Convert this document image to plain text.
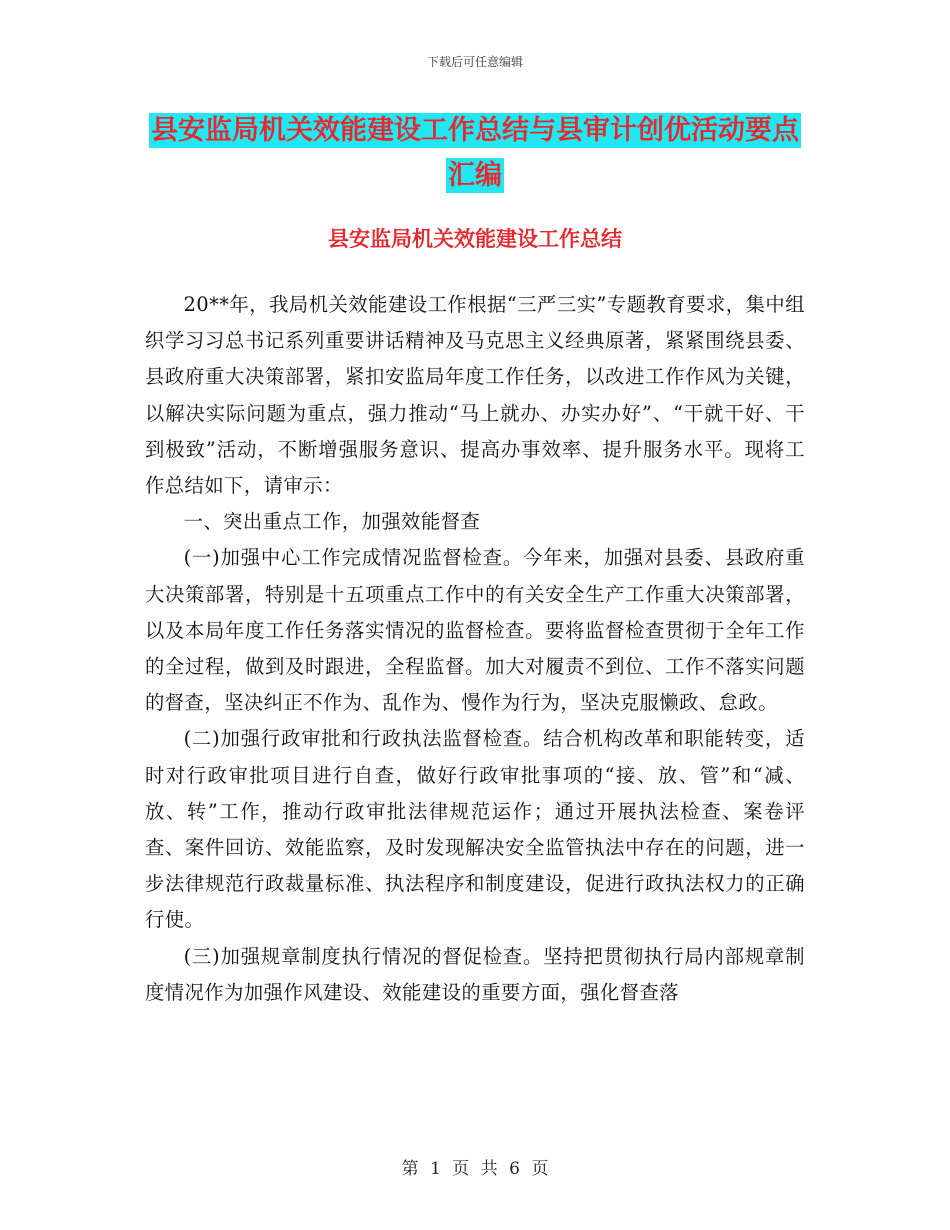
下载后可任意编辑
县安监局机关效能建设工作总结与县审计创优活动要点汇编
县安监局机关效能建设工作总结

20**年，我局机关效能建设工作根据“三严三实”专题教育要求，集中组织学习习总书记系列重要讲话精神及马克思主义经典原著，紧紧围绕县委、县政府重大决策部署，紧扣安监局年度工作任务，以改进工作作风为关键，以解决实际问题为重点，强力推动“马上就办、办实办好”、“干就干好、干到极致”活动，不断增强服务意识、提高办事效率、提升服务水平。现将工作总结如下，请审示：

一、突出重点工作，加强效能督查

(一)加强中心工作完成情况监督检查。今年来，加强对县委、县政府重大决策部署，特别是十五项重点工作中的有关安全生产工作重大决策部署，以及本局年度工作任务落实情况的监督检查。要将监督检查贯彻于全年工作的全过程，做到及时跟进，全程监督。加大对履责不到位、工作不落实问题的督查，坚决纠正不作为、乱作为、慢作为行为，坚决克服懒政、怠政。

(二)加强行政审批和行政执法监督检查。结合机构改革和职能转变，适时对行政审批项目进行自查，做好行政审批事项的“接、放、管”和“减、放、转”工作，推动行政审批法律规范运作；通过开展执法检查、案卷评查、案件回访、效能监察，及时发现解决安全监管执法中存在的问题，进一步法律规范行政裁量标准、执法程序和制度建设，促进行政执法权力的正确行使。

(三)加强规章制度执行情况的督促检查。坚持把贯彻执行局内部规章制度情况作为加强作风建设、效能建设的重要方面，强化督查落

第 1 页 共 6 页
